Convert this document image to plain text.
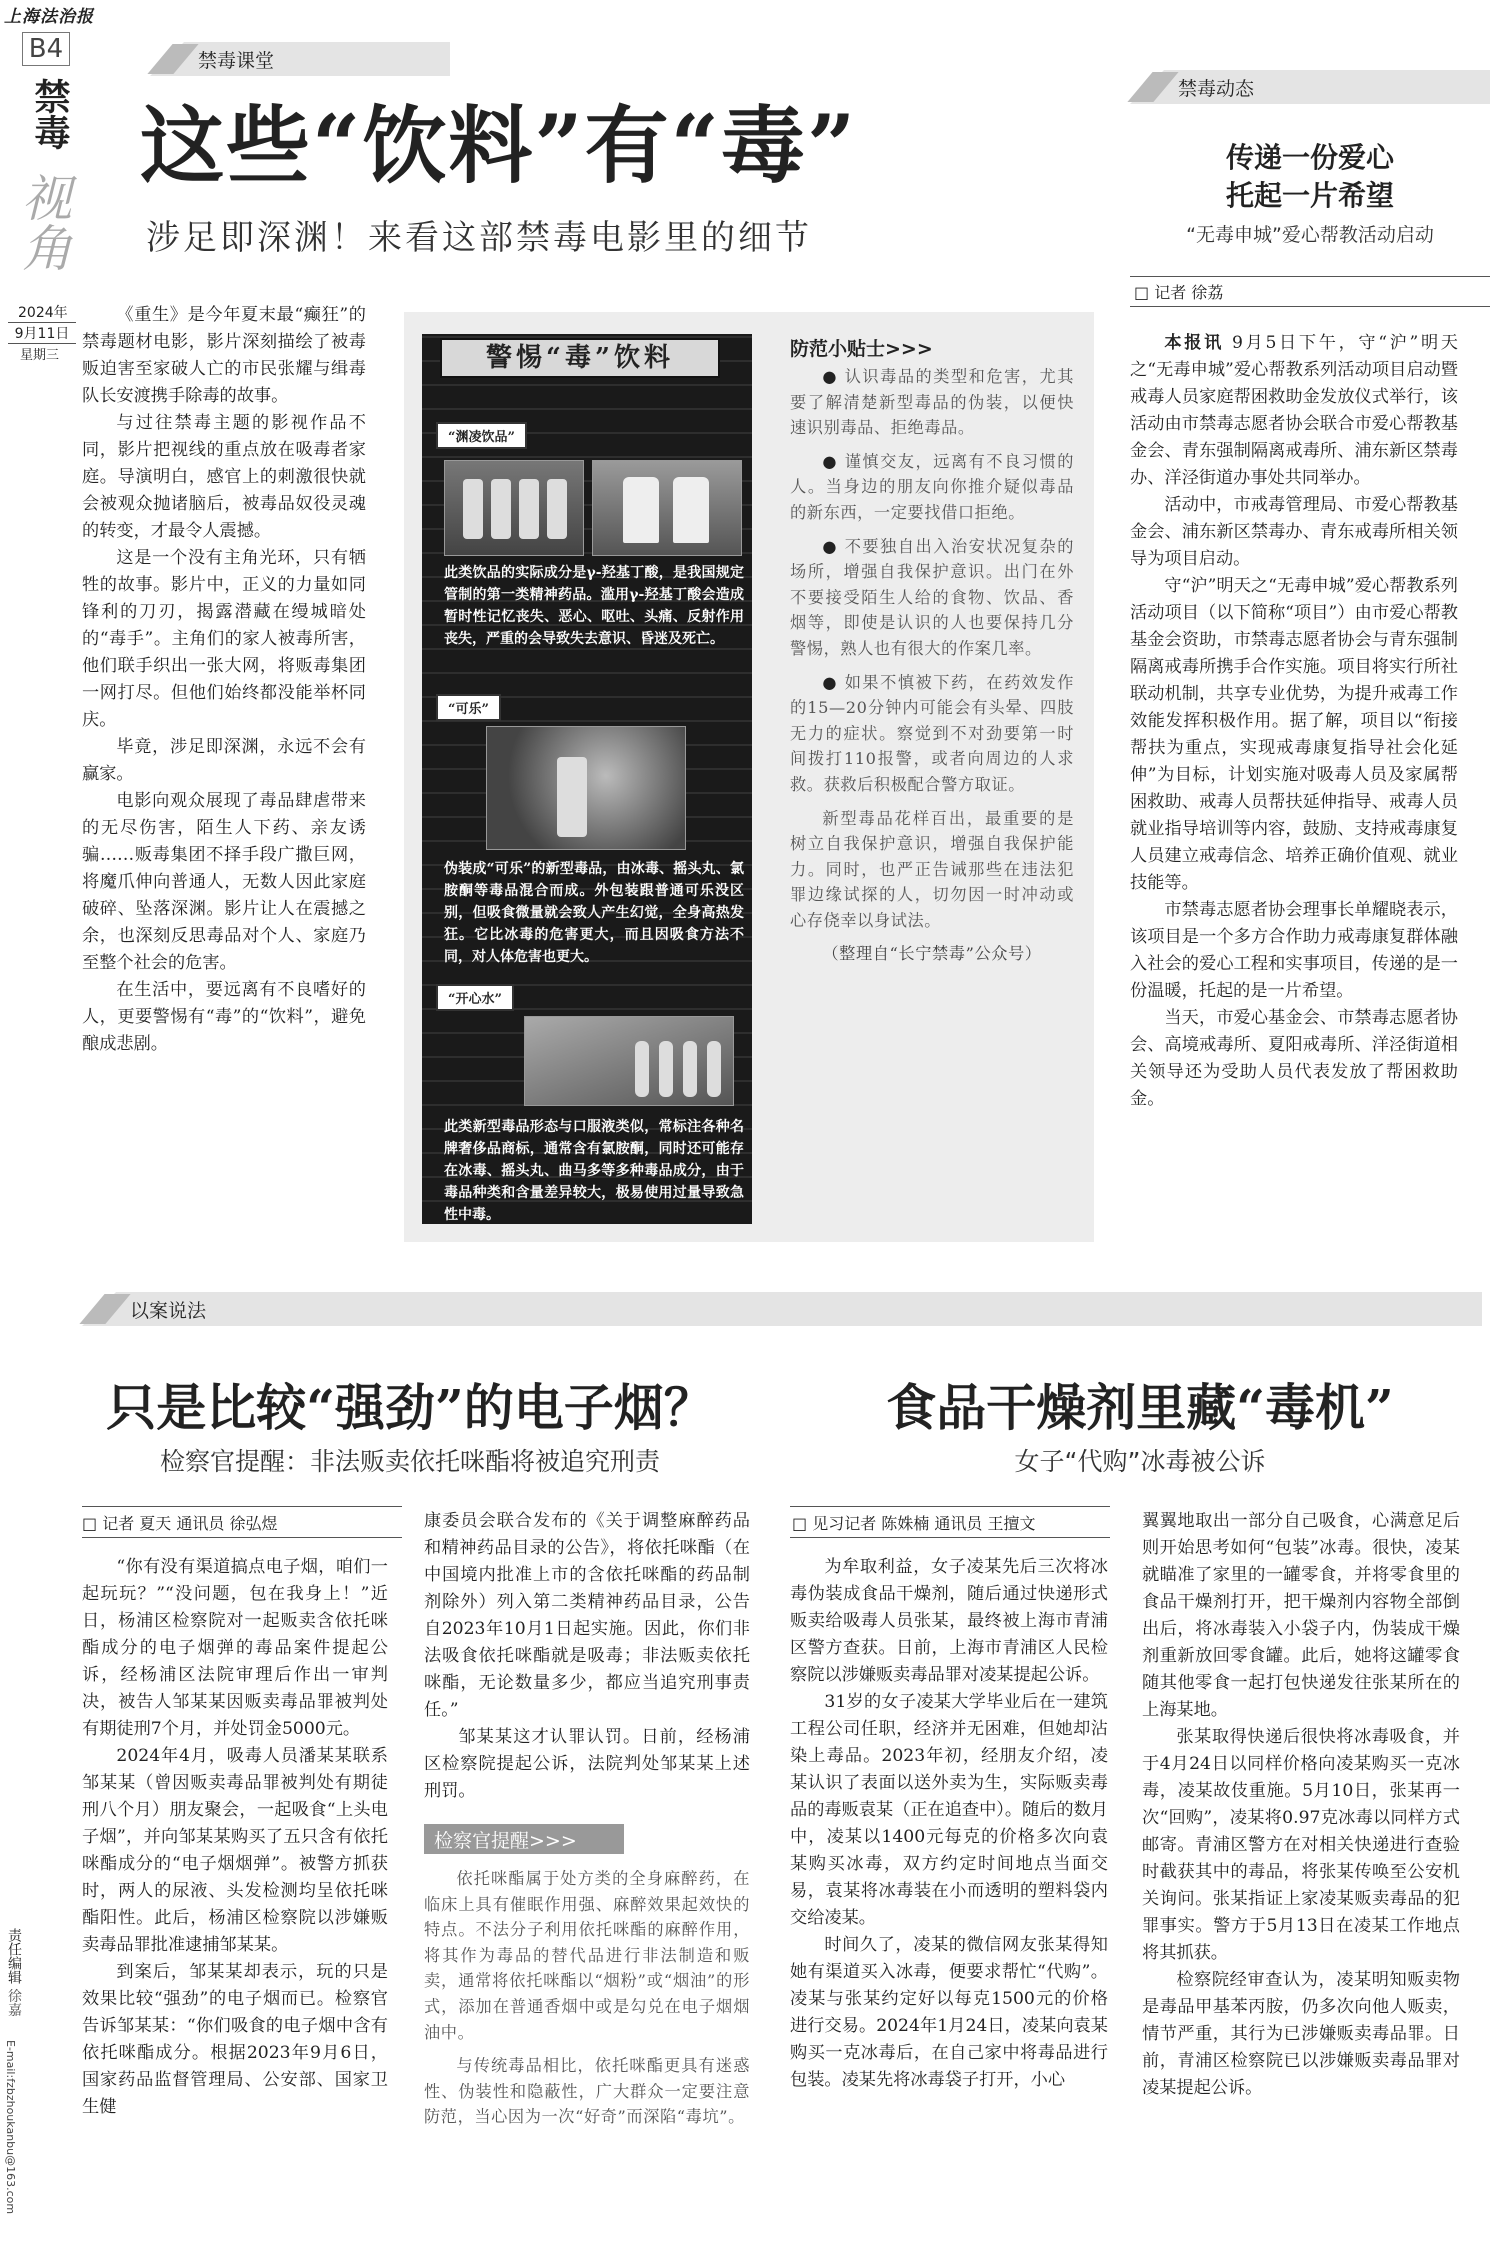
上海法治报
B4
禁毒
视角
2024年
9月11日
星期三
责任编辑 徐嘉
E-mail:fzbzhoukanbu@163.com
禁毒课堂
这些“饮料”有“毒”
涉足即深渊！来看这部禁毒电影里的细节

《重生》是今年夏末最“癫狂”的禁毒题材电影，影片深刻描绘了被毒贩迫害至家破人亡的市民张耀与缉毒队长安渡携手除毒的故事。

与过往禁毒主题的影视作品不同，影片把视线的重点放在吸毒者家庭。导演明白，感官上的刺激很快就会被观众抛诸脑后，被毒品奴役灵魂的转变，才最令人震撼。

这是一个没有主角光环，只有牺牲的故事。影片中，正义的力量如同锋利的刀刃，揭露潜藏在缦城暗处的“毒手”。主角们的家人被毒所害，他们联手织出一张大网，将贩毒集团一网打尽。但他们始终都没能举杯同庆。

毕竟，涉足即深渊，永远不会有赢家。

电影向观众展现了毒品肆虐带来的无尽伤害，陌生人下药、亲友诱骗……贩毒集团不择手段广撒巨网，将魔爪伸向普通人，无数人因此家庭破碎、坠落深渊。影片让人在震撼之余，也深刻反思毒品对个人、家庭乃至整个社会的危害。

在生活中，要远离有不良嗜好的人，更要警惕有“毒”的“饮料”，避免酿成悲剧。

警惕“毒”饮料
“渊凌饮品”
此类饮品的实际成分是γ-羟基丁酸，是我国规定管制的第一类精神药品。滥用γ-羟基丁酸会造成暂时性记忆丧失、恶心、呕吐、头痛、反射作用丧失，严重的会导致失去意识、昏迷及死亡。
“可乐”
伪装成“可乐”的新型毒品，由冰毒、摇头丸、氯胺酮等毒品混合而成。外包装跟普通可乐没区别，但吸食微量就会致人产生幻觉，全身高热发狂。它比冰毒的危害更大，而且因吸食方法不同，对人体危害也更大。
“开心水”
此类新型毒品形态与口服液类似，常标注各种名牌奢侈品商标，通常含有氯胺酮，同时还可能存在冰毒、摇头丸、曲马多等多种毒品成分，由于毒品种类和含量差异较大，极易使用过量导致急性中毒。
防范小贴士>>>

● 认识毒品的类型和危害，尤其要了解清楚新型毒品的伪装，以便快速识别毒品、拒绝毒品。

● 谨慎交友，远离有不良习惯的人。当身边的朋友向你推介疑似毒品的新东西，一定要找借口拒绝。

● 不要独自出入治安状况复杂的场所，增强自我保护意识。出门在外不要接受陌生人给的食物、饮品、香烟等，即使是认识的人也要保持几分警惕，熟人也有很大的作案几率。

● 如果不慎被下药，在药效发作的15—20分钟内可能会有头晕、四肢无力的症状。察觉到不对劲要第一时间拨打110报警，或者向周边的人求救。获救后积极配合警方取证。

新型毒品花样百出，最重要的是树立自我保护意识，增强自我保护能力。同时，也严正告诫那些在违法犯罪边缘试探的人，切勿因一时冲动或心存侥幸以身试法。

（整理自“长宁禁毒”公众号）

禁毒动态
传递一份爱心
托起一片希望
“无毒申城”爱心帮教活动启动
□ 记者 徐荔

本报讯 9月5日下午，守“沪”明天之“无毒申城”爱心帮教系列活动项目启动暨戒毒人员家庭帮困救助金发放仪式举行，该活动由市禁毒志愿者协会联合市爱心帮教基金会、青东强制隔离戒毒所、浦东新区禁毒办、洋泾街道办事处共同举办。

活动中，市戒毒管理局、市爱心帮教基金会、浦东新区禁毒办、青东戒毒所相关领导为项目启动。

守“沪”明天之“无毒申城”爱心帮教系列活动项目（以下简称“项目”）由市爱心帮教基金会资助，市禁毒志愿者协会与青东强制隔离戒毒所携手合作实施。项目将实行所社联动机制，共享专业优势，为提升戒毒工作效能发挥积极作用。据了解，项目以“衔接帮扶为重点，实现戒毒康复指导社会化延伸”为目标，计划实施对吸毒人员及家属帮困救助、戒毒人员帮扶延伸指导、戒毒人员就业指导培训等内容，鼓励、支持戒毒康复人员建立戒毒信念、培养正确价值观、就业技能等。

市禁毒志愿者协会理事长单耀晓表示，该项目是一个多方合作助力戒毒康复群体融入社会的爱心工程和实事项目，传递的是一份温暖，托起的是一片希望。

当天，市爱心基金会、市禁毒志愿者协会、高境戒毒所、夏阳戒毒所、洋泾街道相关领导还为受助人员代表发放了帮困救助金。

以案说法
只是比较“强劲”的电子烟？
检察官提醒：非法贩卖依托咪酯将被追究刑责
□ 记者 夏天 通讯员 徐弘煜

“你有没有渠道搞点电子烟，咱们一起玩玩？”“没问题，包在我身上！”近日，杨浦区检察院对一起贩卖含依托咪酯成分的电子烟弹的毒品案件提起公诉，经杨浦区法院审理后作出一审判决，被告人邹某某因贩卖毒品罪被判处有期徒刑7个月，并处罚金5000元。

2024年4月，吸毒人员潘某某联系邹某某（曾因贩卖毒品罪被判处有期徒刑八个月）朋友聚会，一起吸食“上头电子烟”，并向邹某某购买了五只含有依托咪酯成分的“电子烟烟弹”。被警方抓获时，两人的尿液、头发检测均呈依托咪酯阳性。此后，杨浦区检察院以涉嫌贩卖毒品罪批准逮捕邹某某。

到案后，邹某某却表示，玩的只是效果比较“强劲”的电子烟而已。检察官告诉邹某某：“你们吸食的电子烟中含有依托咪酯成分。根据2023年9月6日，国家药品监督管理局、公安部、国家卫生健

康委员会联合发布的《关于调整麻醉药品和精神药品目录的公告》，将依托咪酯（在中国境内批准上市的含依托咪酯的药品制剂除外）列入第二类精神药品目录，公告自2023年10月1日起实施。因此，你们非法吸食依托咪酯就是吸毒；非法贩卖依托咪酯，无论数量多少，都应当追究刑事责任。”

邹某某这才认罪认罚。日前，经杨浦区检察院提起公诉，法院判处邹某某上述刑罚。

检察官提醒>>>

依托咪酯属于处方类的全身麻醉药，在临床上具有催眠作用强、麻醉效果起效快的特点。不法分子利用依托咪酯的麻醉作用，将其作为毒品的替代品进行非法制造和贩卖，通常将依托咪酯以“烟粉”或“烟油”的形式，添加在普通香烟中或是勾兑在电子烟烟油中。

与传统毒品相比，依托咪酯更具有迷惑性、伪装性和隐蔽性，广大群众一定要注意防范，当心因为一次“好奇”而深陷“毒坑”。

食品干燥剂里藏“毒机”
女子“代购”冰毒被公诉
□ 见习记者 陈姝楠 通讯员 王擅文

为牟取利益，女子凌某先后三次将冰毒伪装成食品干燥剂，随后通过快递形式贩卖给吸毒人员张某，最终被上海市青浦区警方查获。日前，上海市青浦区人民检察院以涉嫌贩卖毒品罪对凌某提起公诉。

31岁的女子凌某大学毕业后在一建筑工程公司任职，经济并无困难，但她却沾染上毒品。2023年初，经朋友介绍，凌某认识了表面以送外卖为生，实际贩卖毒品的毒贩袁某（正在追查中）。随后的数月中，凌某以1400元每克的价格多次向袁某购买冰毒，双方约定时间地点当面交易，袁某将冰毒装在小而透明的塑料袋内交给凌某。

时间久了，凌某的微信网友张某得知她有渠道买入冰毒，便要求帮忙“代购”。凌某与张某约定好以每克1500元的价格进行交易。2024年1月24日，凌某向袁某购买一克冰毒后，在自己家中将毒品进行包装。凌某先将冰毒袋子打开，小心

翼翼地取出一部分自己吸食，心满意足后则开始思考如何“包装”冰毒。很快，凌某就瞄准了家里的一罐零食，并将零食里的食品干燥剂打开，把干燥剂内容物全部倒出后，将冰毒装入小袋子内，伪装成干燥剂重新放回零食罐。此后，她将这罐零食随其他零食一起打包快递发往张某所在的上海某地。

张某取得快递后很快将冰毒吸食，并于4月24日以同样价格向凌某购买一克冰毒，凌某故伎重施。5月10日，张某再一次“回购”，凌某将0.97克冰毒以同样方式邮寄。青浦区警方在对相关快递进行查验时截获其中的毒品，将张某传唤至公安机关询问。张某指证上家凌某贩卖毒品的犯罪事实。警方于5月13日在凌某工作地点将其抓获。

检察院经审查认为，凌某明知贩卖物是毒品甲基苯丙胺，仍多次向他人贩卖，情节严重，其行为已涉嫌贩卖毒品罪。日前，青浦区检察院已以涉嫌贩卖毒品罪对凌某提起公诉。
